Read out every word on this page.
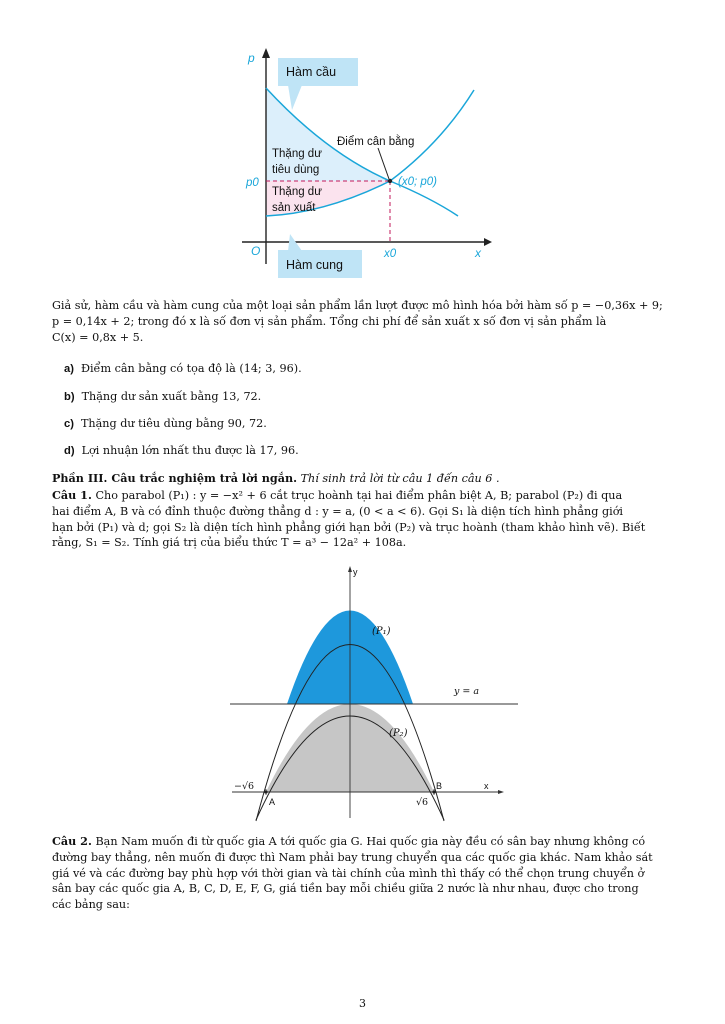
Hàm cầu
Hàm cung
Điểm cân bằng
Thặng dư
tiêu dùng
Thặng dư
sản xuất
(x0; p0)
p
x
O
p0
x0
Giả sử, hàm cầu và hàm cung của một loại sản phẩm lần lượt được mô hình hóa bởi hàm số p = −0,36x + 9;
p = 0,14x + 2; trong đó x là số đơn vị sản phẩm. Tổng chi phí để sản xuất x số đơn vị sản phẩm là
C(x) = 0,8x + 5.
a) Điểm cân bằng có tọa độ là (14; 3, 96).
b) Thặng dư sản xuất bằng 13, 72.
c) Thặng dư tiêu dùng bằng 90, 72.
d) Lợi nhuận lớn nhất thu được là 17, 96.
Phần III. Câu trắc nghiệm trả lời ngắn. Thí sinh trả lời từ câu 1 đến câu 6 .
Câu 1. Cho parabol (P₁) : y = −x² + 6 cắt trục hoành tại hai điểm phân biệt A, B; parabol (P₂) đi qua
hai điểm A, B và có đỉnh thuộc đường thẳng d : y = a, (0 < a < 6). Gọi S₁ là diện tích hình phẳng giới
hạn bởi (P₁) và d; gọi S₂ là diện tích hình phẳng giới hạn bởi (P₂) và trục hoành (tham khảo hình vẽ). Biết
rằng, S₁ = S₂. Tính giá trị của biểu thức T = a³ − 12a² + 108a.
y
x
(P₁)
(P₂)
y = a
−√6
√6
A
B
Câu 2. Bạn Nam muốn đi từ quốc gia A tới quốc gia G. Hai quốc gia này đều có sân bay nhưng không có
đường bay thẳng, nên muốn đi được thì Nam phải bay trung chuyển qua các quốc gia khác. Nam khảo sát
giá vé và các đường bay phù hợp với thời gian và tài chính của mình thì thấy có thể chọn trung chuyển ở
sân bay các quốc gia A, B, C, D, E, F, G, giá tiền bay mỗi chiều giữa 2 nước là như nhau, được cho trong
các bảng sau:
3
